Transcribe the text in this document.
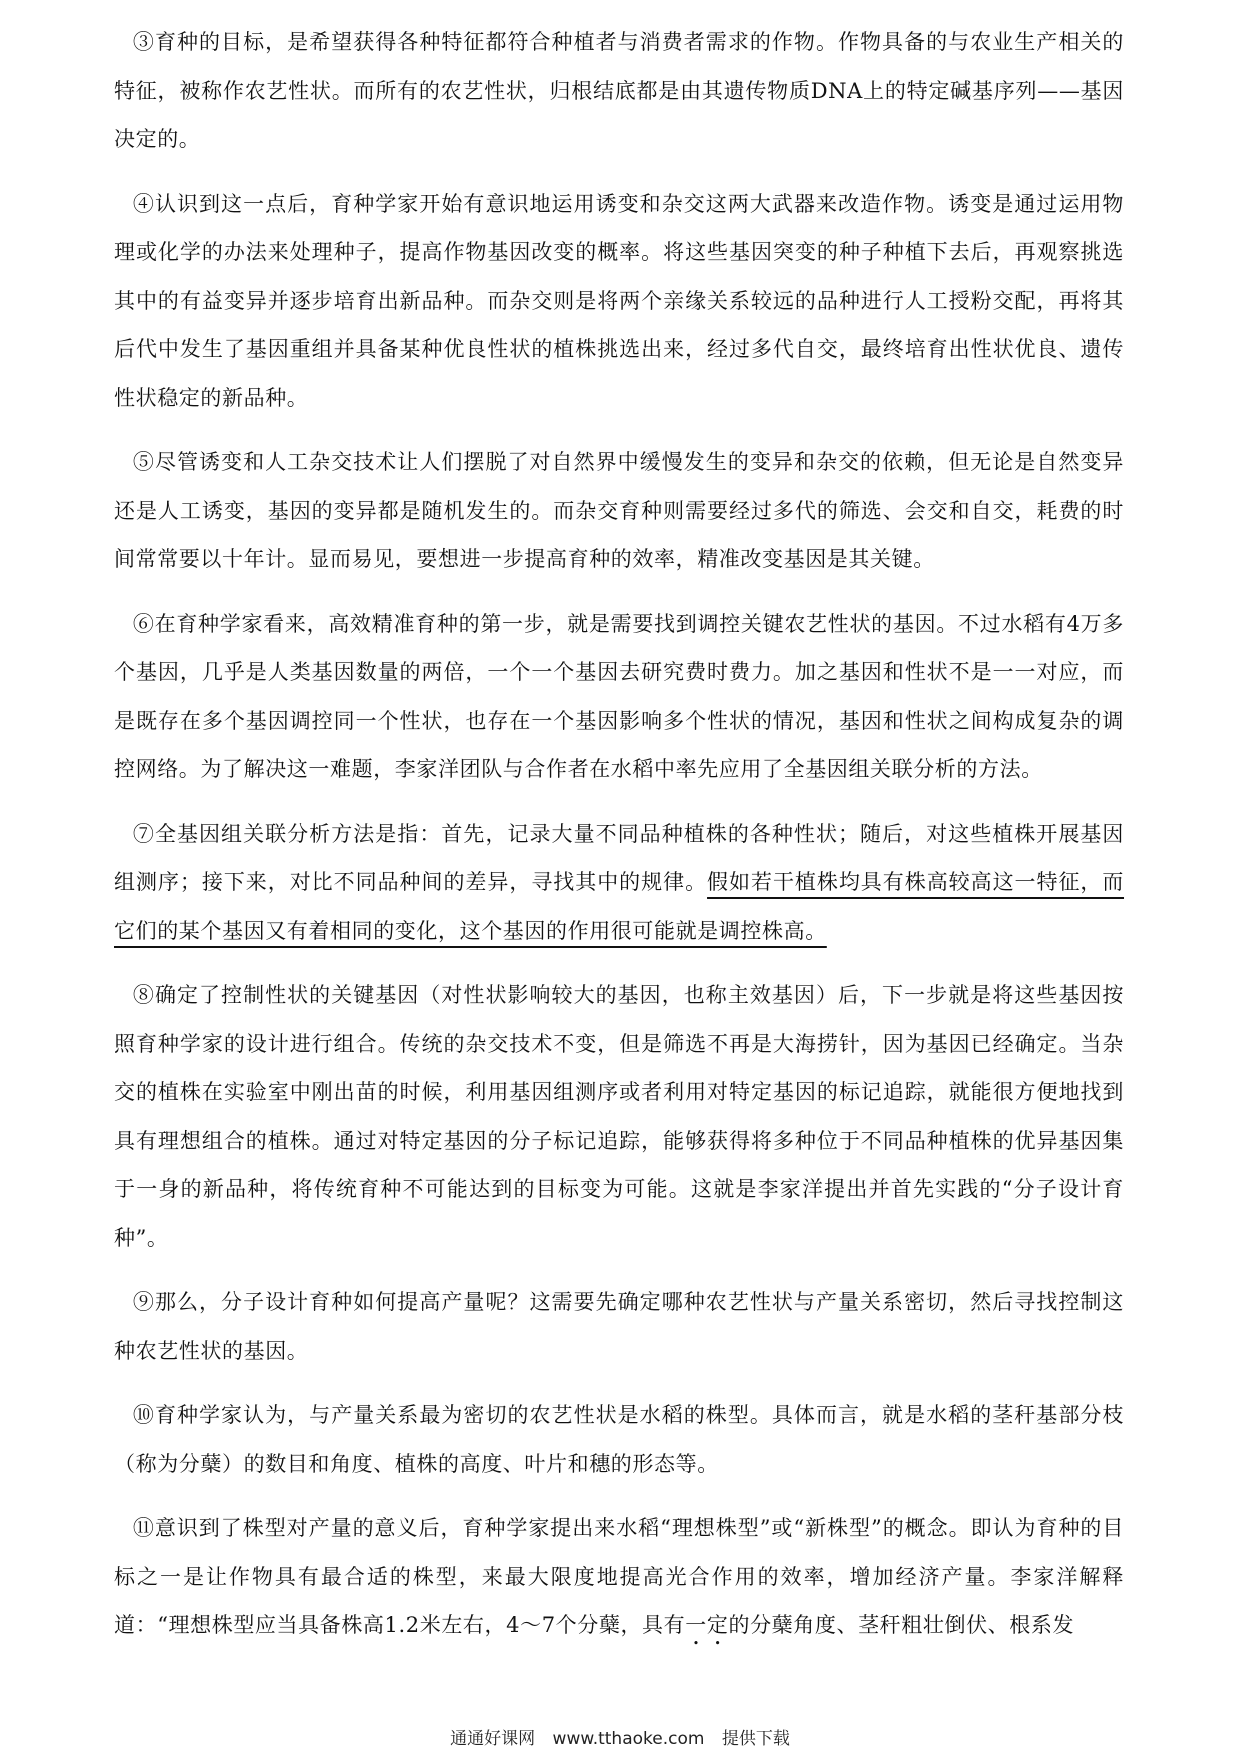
③育种的目标，是希望获得各种特征都符合种植者与消费者需求的作物。作物具备的与农业生产相关的特征，被称作农艺性状。而所有的农艺性状，归根结底都是由其遗传物质DNA上的特定碱基序列——基因决定的。

④认识到这一点后，育种学家开始有意识地运用诱变和杂交这两大武器来改造作物。诱变是通过运用物理或化学的办法来处理种子，提高作物基因改变的概率。将这些基因突变的种子种植下去后，再观察挑选其中的有益变异并逐步培育出新品种。而杂交则是将两个亲缘关系较远的品种进行人工授粉交配，再将其后代中发生了基因重组并具备某种优良性状的植株挑选出来，经过多代自交，最终培育出性状优良、遗传性状稳定的新品种。

⑤尽管诱变和人工杂交技术让人们摆脱了对自然界中缓慢发生的变异和杂交的依赖，但无论是自然变异还是人工诱变，基因的变异都是随机发生的。而杂交育种则需要经过多代的筛选、会交和自交，耗费的时间常常要以十年计。显而易见，要想进一步提高育种的效率，精准改变基因是其关键。

⑥在育种学家看来，高效精准育种的第一步，就是需要找到调控关键农艺性状的基因。不过水稻有4万多个基因，几乎是人类基因数量的两倍，一个一个基因去研究费时费力。加之基因和性状不是一一对应，而是既存在多个基因调控同一个性状，也存在一个基因影响多个性状的情况，基因和性状之间构成复杂的调控网络。为了解决这一难题，李家洋团队与合作者在水稻中率先应用了全基因组关联分析的方法。

⑦全基因组关联分析方法是指：首先，记录大量不同品种植株的各种性状；随后，对这些植株开展基因组测序；接下来，对比不同品种间的差异，寻找其中的规律。假如若干植株均具有株高较高这一特征，而它们的某个基因又有着相同的变化，这个基因的作用很可能就是调控株高。

⑧确定了控制性状的关键基因（对性状影响较大的基因，也称主效基因）后，下一步就是将这些基因按照育种学家的设计进行组合。传统的杂交技术不变，但是筛选不再是大海捞针，因为基因已经确定。当杂交的植株在实验室中刚出苗的时候，利用基因组测序或者利用对特定基因的标记追踪，就能很方便地找到具有理想组合的植株。通过对特定基因的分子标记追踪，能够获得将多种位于不同品种植株的优异基因集于一身的新品种，将传统育种不可能达到的目标变为可能。这就是李家洋提出并首先实践的“分子设计育种”。

⑨那么，分子设计育种如何提高产量呢？这需要先确定哪种农艺性状与产量关系密切，然后寻找控制这种农艺性状的基因。

⑩育种学家认为，与产量关系最为密切的农艺性状是水稻的株型。具体而言，就是水稻的茎秆基部分枝（称为分蘖）的数目和角度、植株的高度、叶片和穗的形态等。

⑪意识到了株型对产量的意义后，育种学家提出来水稻“理想株型”或“新株型”的概念。即认为育种的目标之一是让作物具有最合适的株型，来最大限度地提高光合作用的效率，增加经济产量。李家洋解释道：“理想株型应当具备株高1.2米左右，4～7个分蘖，具有一定的分蘖角度、茎秆粗壮倒伏、根系发

通通好课网 www.tthaoke.com 提供下载
